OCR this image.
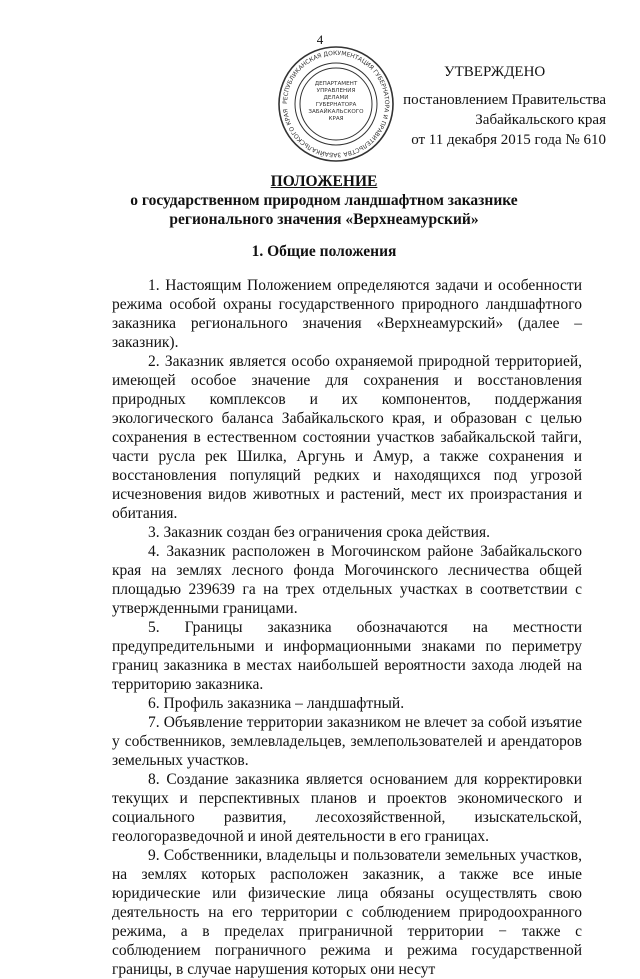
4
УТВЕРЖДЕНО
постановлением Правительства
Забайкальского края
от 11 декабря 2015 года № 610
РЕСПУБЛИКАНСКАЯ ДОКУМЕНТАЦИЯ ГУБЕРНАТОРА И ПРАВИТЕЛЬСТВА ЗАБАЙКАЛЬСКОГО КРАЯ
ДЕПАРТАМЕНТ
УПРАВЛЕНИЯ
ДЕЛАМИ
ГУБЕРНАТОРА
ЗАБАЙКАЛЬСКОГО
КРАЯ
ПОЛОЖЕНИЕ
о государственном природном ландшафтном заказнике
регионального значения «Верхнеамурский»
1. Общие положения

1. Настоящим Положением определяются задачи и особенности режима особой охраны государственного природного ландшафтного заказника регионального значения «Верхнеамурский» (далее – заказник).

2. Заказник является особо охраняемой природной территорией, имеющей особое значение для сохранения и восстановления природных комплексов и их компонентов, поддержания экологического баланса Забайкальского края, и образован с целью сохранения в естественном состоянии участков забайкальской тайги, части русла рек Шилка, Аргунь и Амур, а также сохранения и восстановления популяций редких и находящихся под угрозой исчезновения видов животных и растений, мест их произрастания и обитания.

3. Заказник создан без ограничения срока действия.

4. Заказник расположен в Могочинском районе Забайкальского края на землях лесного фонда Могочинского лесничества общей площадью 239639 га на трех отдельных участках в соответствии с утвержденными границами.

5. Границы заказника обозначаются на местности предупредительными и информационными знаками по периметру границ заказника в местах наибольшей вероятности захода людей на территорию заказника.

6. Профиль заказника – ландшафтный.

7. Объявление территории заказником не влечет за собой изъятие у собственников, землевладельцев, землепользователей и арендаторов земельных участков.

8. Создание заказника является основанием для корректировки текущих и перспективных планов и проектов экономического и социального развития, лесохозяйственной, изыскательской, геологоразведочной и иной деятельности в его границах.

9. Собственники, владельцы и пользователи земельных участков, на землях которых расположен заказник, а также все иные юридические или физические лица обязаны осуществлять свою деятельность на его территории с соблюдением природоохранного режима, а в пределах приграничной территории − также с соблюдением пограничного режима и режима государственной границы, в случае нарушения которых они несут
